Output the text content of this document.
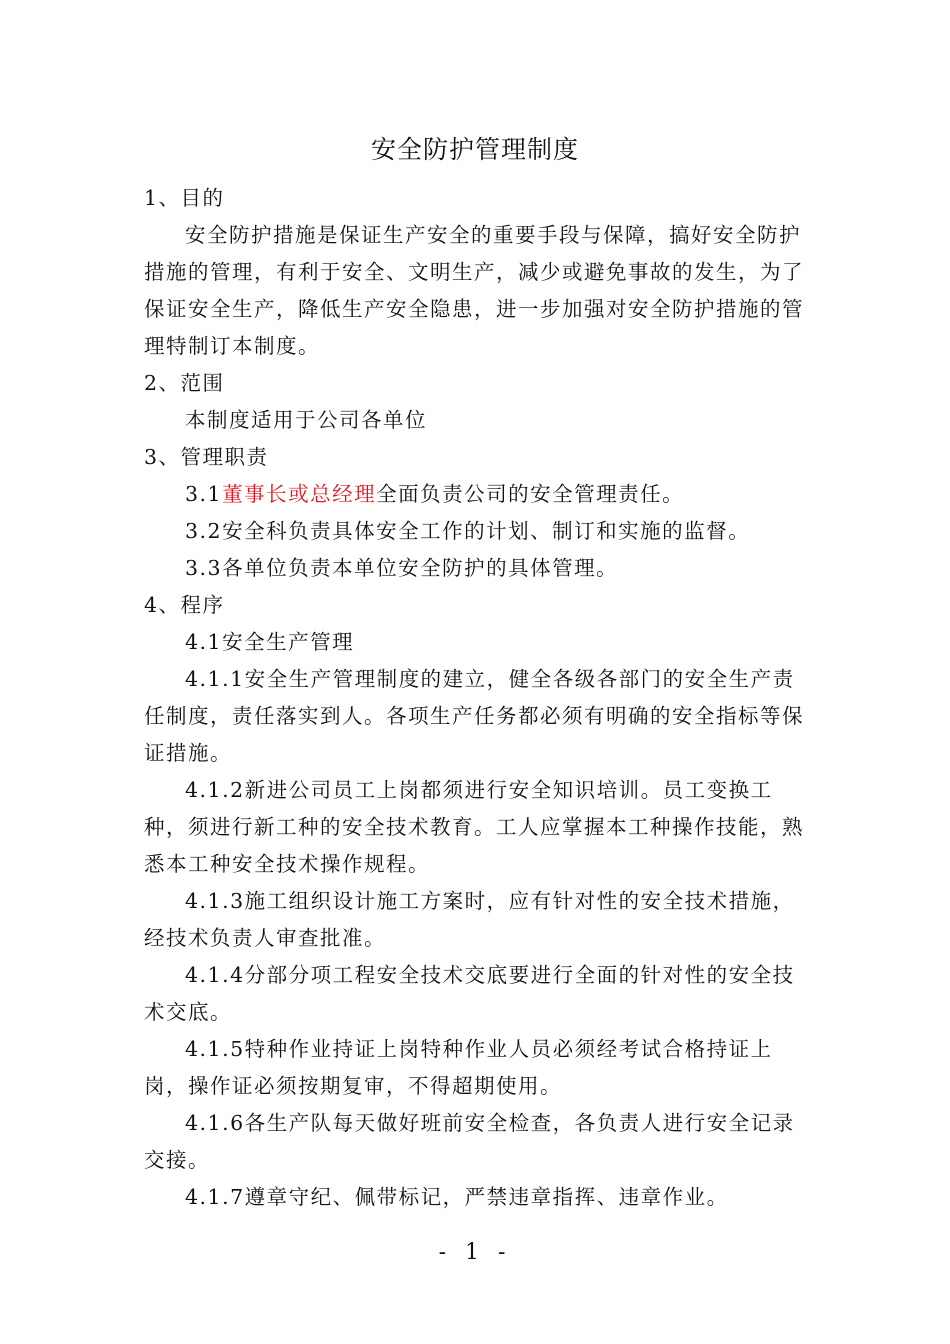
安全防护管理制度

1、目的

安全防护措施是保证生产安全的重要手段与保障，搞好安全防护措施的管理，有利于安全、文明生产，减少或避免事故的发生，为了保证安全生产，降低生产安全隐患，进一步加强对安全防护措施的管理特制订本制度。

2、范围

本制度适用于公司各单位

3、管理职责

3.1董事长或总经理全面负责公司的安全管理责任。

3.2安全科负责具体安全工作的计划、制订和实施的监督。

3.3各单位负责本单位安全防护的具体管理。

4、程序

4.1安全生产管理

4.1.1安全生产管理制度的建立，健全各级各部门的安全生产责任制度，责任落实到人。各项生产任务都必须有明确的安全指标等保证措施。

4.1.2新进公司员工上岗都须进行安全知识培训。员工变换工种，须进行新工种的安全技术教育。工人应掌握本工种操作技能，熟悉本工种安全技术操作规程。

4.1.3施工组织设计施工方案时，应有针对性的安全技术措施，经技术负责人审查批准。

4.1.4分部分项工程安全技术交底要进行全面的针对性的安全技术交底。

4.1.5特种作业持证上岗特种作业人员必须经考试合格持证上岗，操作证必须按期复审，不得超期使用。

4.1.6各生产队每天做好班前安全检查，各负责人进行安全记录交接。

4.1.7遵章守纪、佩带标记，严禁违章指挥、违章作业。

- 1 -
